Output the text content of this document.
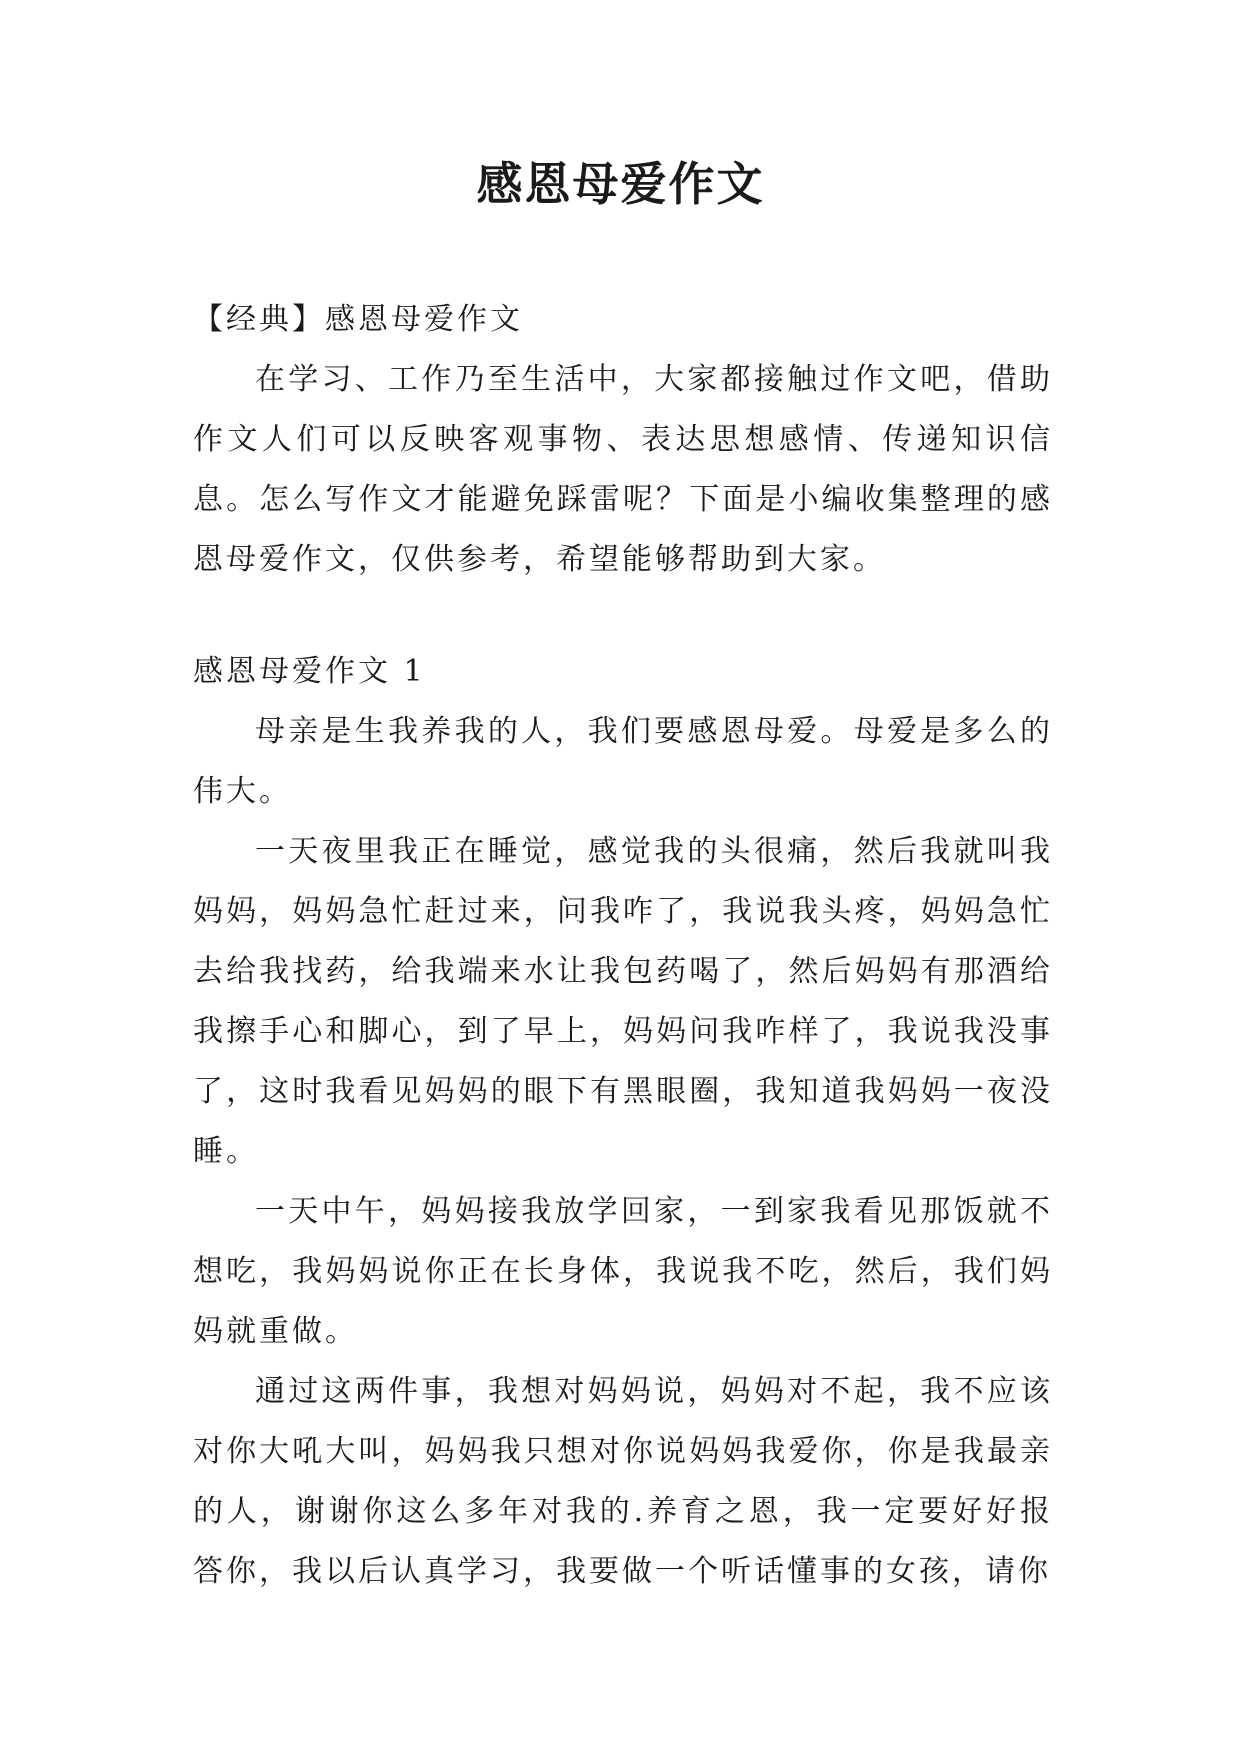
感恩母爱作文

【经典】感恩母爱作文

在学习、工作乃至生活中，大家都接触过作文吧，借助作文人们可以反映客观事物、表达思想感情、传递知识信息。怎么写作文才能避免踩雷呢？下面是小编收集整理的感恩母爱作文，仅供参考，希望能够帮助到大家。

感恩母爱作文 1

母亲是生我养我的人，我们要感恩母爱。母爱是多么的伟大。

一天夜里我正在睡觉，感觉我的头很痛，然后我就叫我妈妈，妈妈急忙赶过来，问我咋了，我说我头疼，妈妈急忙去给我找药，给我端来水让我包药喝了，然后妈妈有那酒给我擦手心和脚心，到了早上，妈妈问我咋样了，我说我没事了，这时我看见妈妈的眼下有黑眼圈，我知道我妈妈一夜没睡。

一天中午，妈妈接我放学回家，一到家我看见那饭就不想吃，我妈妈说你正在长身体，我说我不吃，然后，我们妈妈就重做。

通过这两件事，我想对妈妈说，妈妈对不起，我不应该对你大吼大叫，妈妈我只想对你说妈妈我爱你，你是我最亲的人，谢谢你这么多年对我的.养育之恩，我一定要好好报答你，我以后认真学习，我要做一个听话懂事的女孩，请你
